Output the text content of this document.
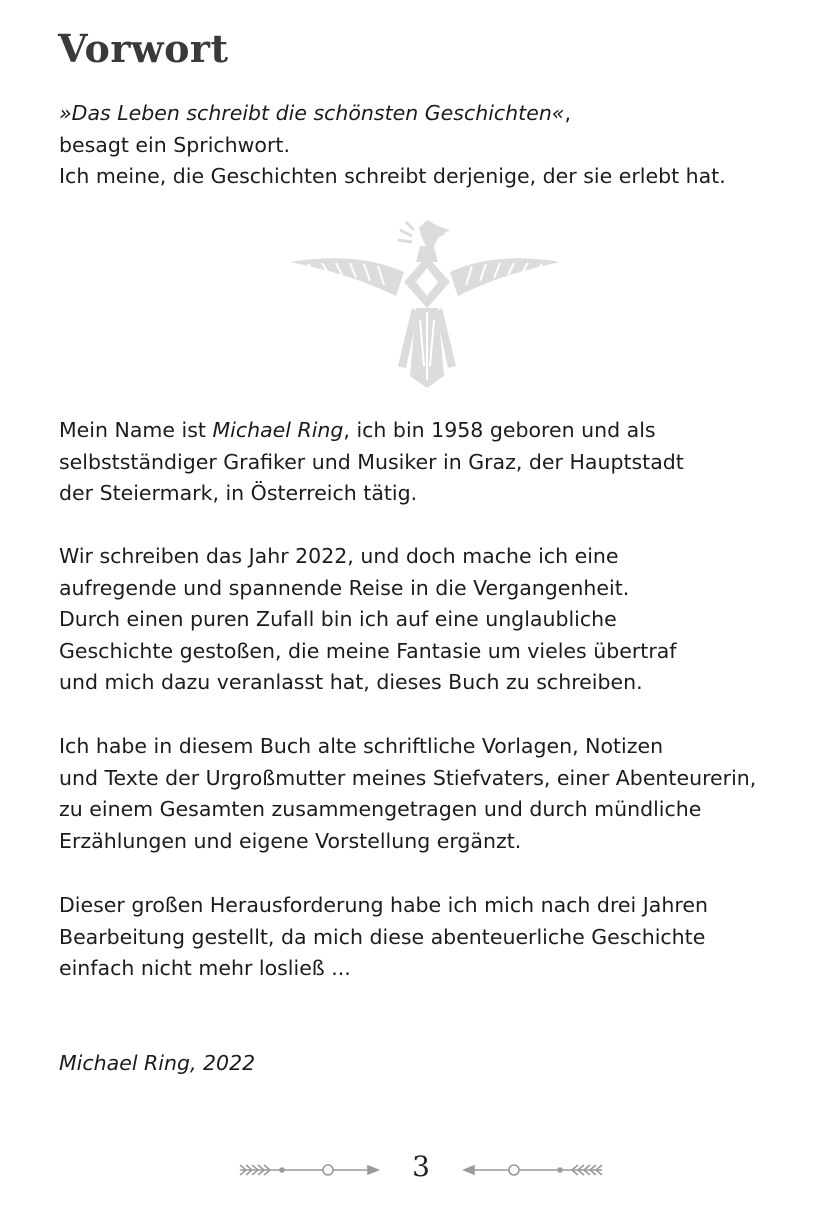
Vorwort
»Das Leben schreibt die schönsten Geschichten«,
besagt ein Sprichwort.
Ich meine, die Geschichten schreibt derjenige, der sie erlebt hat.
Mein Name ist Michael Ring, ich bin 1958 geboren und als
selbstständiger Grafiker und Musiker in Graz, der Hauptstadt
der Steiermark, in Österreich tätig.
Wir schreiben das Jahr 2022, und doch mache ich eine
aufregende und spannende Reise in die Vergangenheit.
Durch einen puren Zufall bin ich auf eine unglaubliche
Geschichte gestoßen, die meine Fantasie um vieles übertraf
und mich dazu veranlasst hat, dieses Buch zu schreiben.
Ich habe in diesem Buch alte schriftliche Vorlagen, Notizen
und Texte der Urgroßmutter meines Stiefvaters, einer Abenteurerin,
zu einem Gesamten zusammengetragen und durch mündliche
Erzählungen und eigene Vorstellung ergänzt.
Dieser großen Herausforderung habe ich mich nach drei Jahren
Bearbeitung gestellt, da mich diese abenteuerliche Geschichte
einfach nicht mehr losließ ...
Michael Ring, 2022
3
